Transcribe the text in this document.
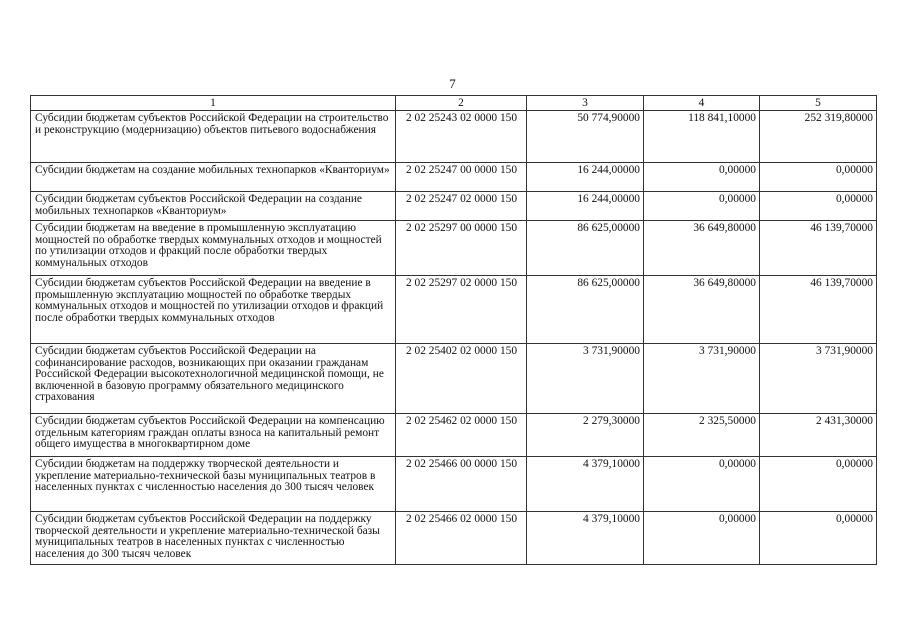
7
1	2	3	4	5
Субсидии бюджетам субъектов Российской Федерации на строительство и реконструкцию (модернизацию) объектов питьевого водоснабжения	2 02 25243 02 0000 150	50 774,90000	118 841,10000	252 319,80000
Субсидии бюджетам на создание мобильных технопарков «Кванториум»	2 02 25247 00 0000 150	16 244,00000	0,00000	0,00000
Субсидии бюджетам субъектов Российской Федерации на создание мобильных технопарков «Кванториум»	2 02 25247 02 0000 150	16 244,00000	0,00000	0,00000
Субсидии бюджетам на введение в промышленную эксплуатацию мощностей по обработке твердых коммунальных отходов и мощностей по утилизации отходов и фракций после обработки твердых коммунальных отходов	2 02 25297 00 0000 150	86 625,00000	36 649,80000	46 139,70000
Субсидии бюджетам субъектов Российской Федерации на введение в промышленную эксплуатацию мощностей по обработке твердых коммунальных отходов и мощностей по утилизации отходов и фракций после обработки твердых коммунальных отходов	2 02 25297 02 0000 150	86 625,00000	36 649,80000	46 139,70000
Субсидии бюджетам субъектов Российской Федерации на софинансирование расходов, возникающих при оказании гражданам Российской Федерации высокотехнологичной медицинской помощи, не включенной в базовую программу обязательного медицинского страхования	2 02 25402 02 0000 150	3 731,90000	3 731,90000	3 731,90000
Субсидии бюджетам субъектов Российской Федерации на компенсацию отдельным категориям граждан оплаты взноса на капитальный ремонт общего имущества в многоквартирном доме	2 02 25462 02 0000 150	2 279,30000	2 325,50000	2 431,30000
Субсидии бюджетам на поддержку творческой деятельности и укрепление материально-технической базы муниципальных театров в населенных пунктах с численностью населения до 300 тысяч человек	2 02 25466 00 0000 150	4 379,10000	0,00000	0,00000
Субсидии бюджетам субъектов Российской Федерации на поддержку творческой деятельности и укрепление материально-технической базы муниципальных театров в населенных пунктах с численностью населения до 300 тысяч человек	2 02 25466 02 0000 150	4 379,10000	0,00000	0,00000
